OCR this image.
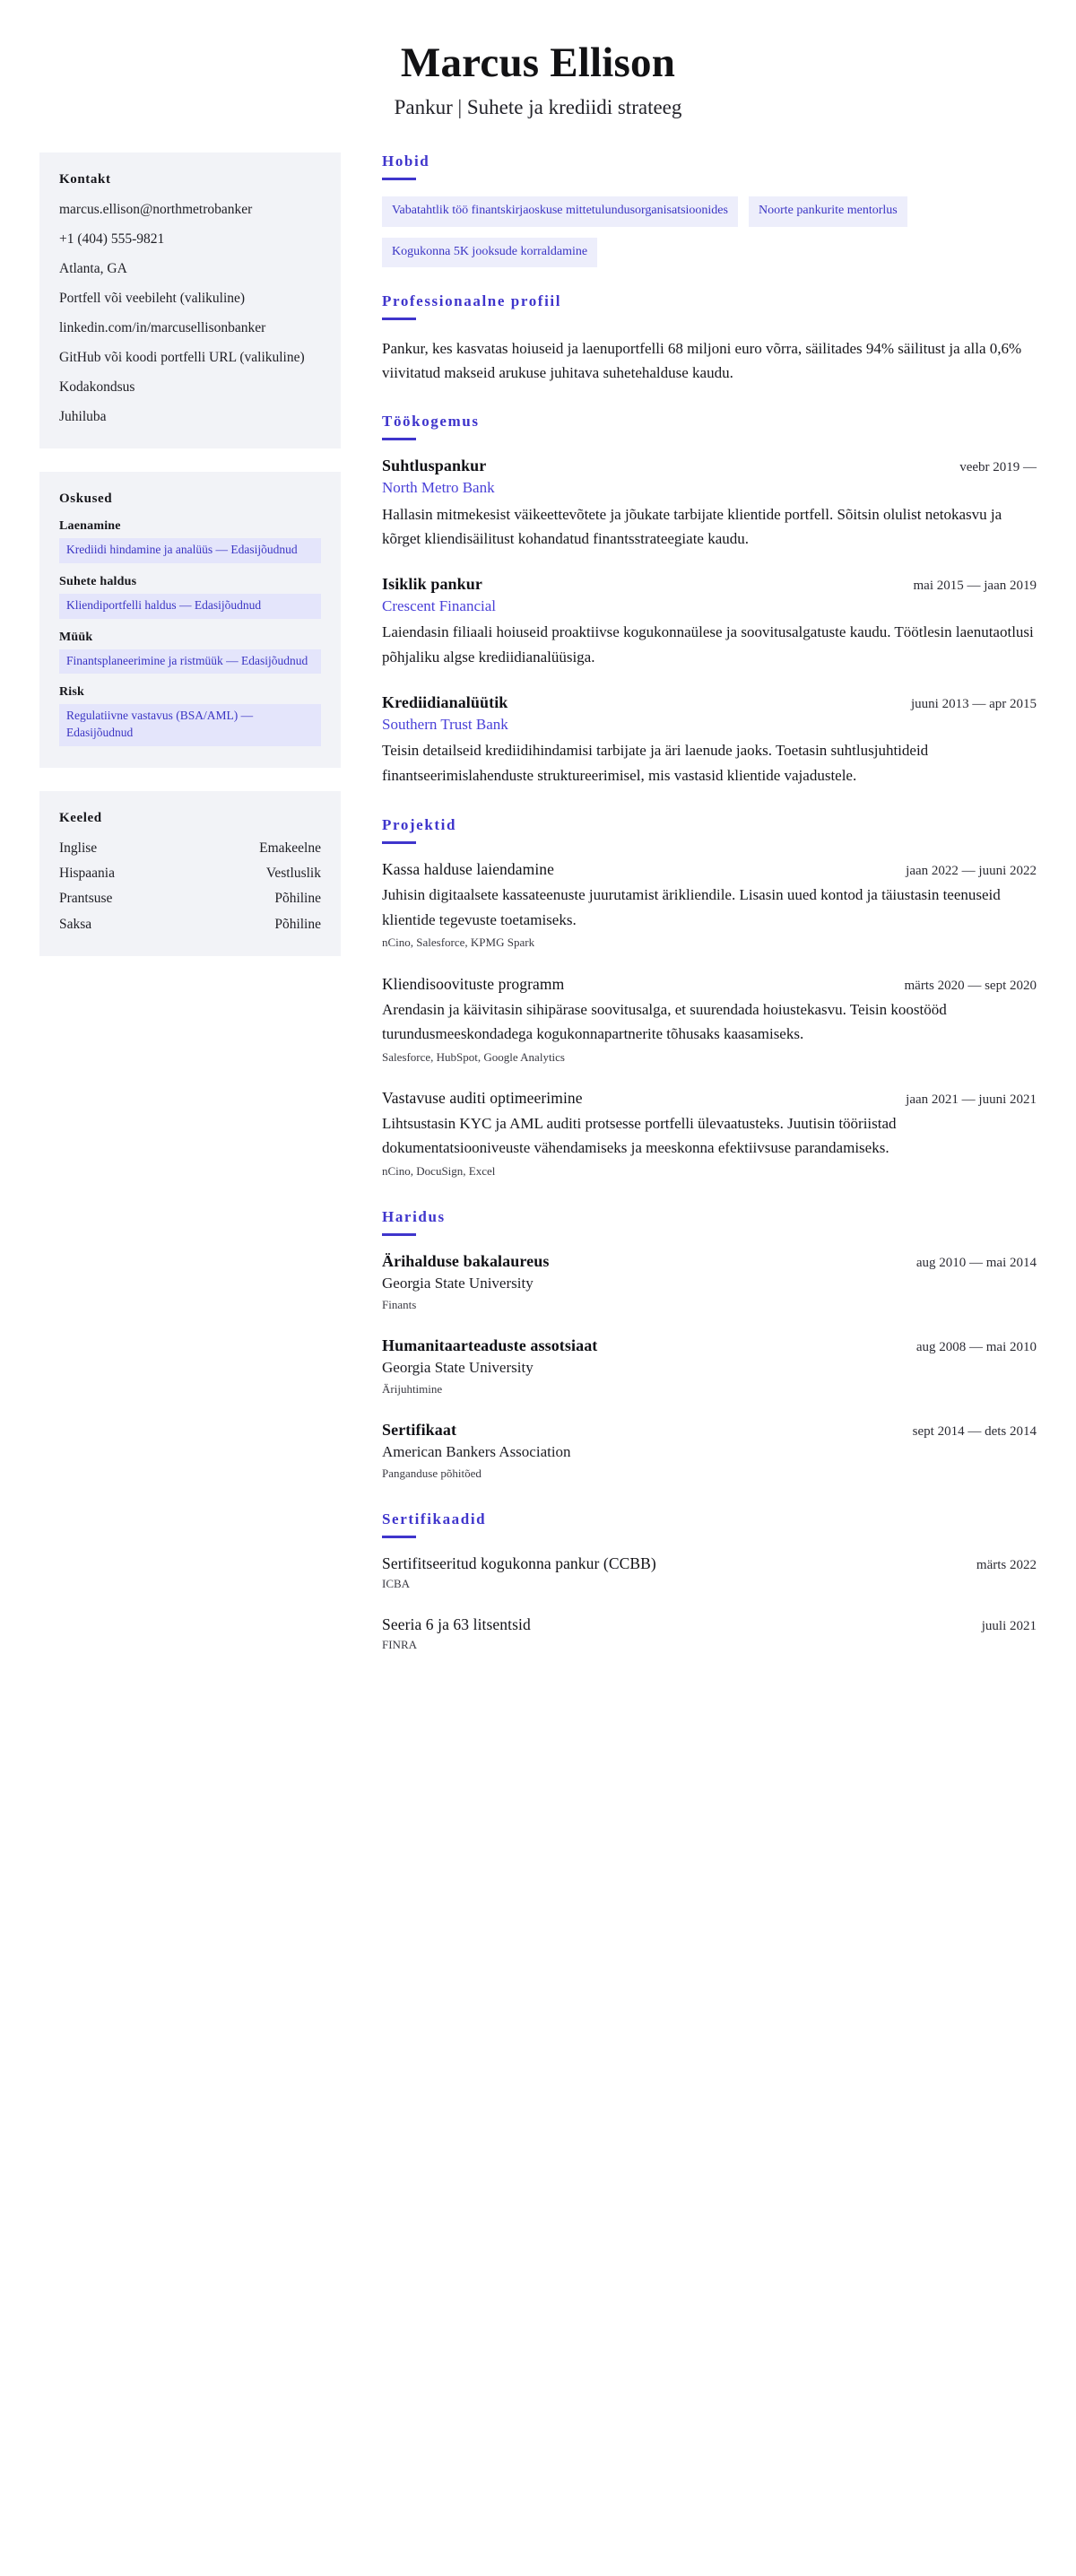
Marcus Ellison
Pankur | Suhete ja krediidi strateeg
Kontakt
marcus.ellison@northmetrobanker
+1 (404) 555-9821
Atlanta, GA
Portfell või veebileht (valikuline)
linkedin.com/in/marcusellisonbanker
GitHub või koodi portfelli URL (valikuline)
Kodakondsus
Juhiluba
Oskused
Laenamine
Krediidi hindamine ja analüüs — Edasijõudnud
Suhete haldus
Kliendiportfelli haldus — Edasijõudnud
Müük
Finantsplaneerimine ja ristmüük — Edasijõudnud
Risk
Regulatiivne vastavus (BSA/AML) — Edasijõudnud
Keeled
Inglise	Emakeelne
Hispaania	Vestluslik
Prantsuse	Põhiline
Saksa	Põhiline
Hobid
Vabatahtlik töö finantskirjaoskuse mittetulundusorganisatsioonides	Noorte pankurite mentorlus
Kogukonna 5K jooksude korraldamine
Professionaalne profiil
Pankur, kes kasvatas hoiuseid ja laenuportfelli 68 miljoni euro võrra, säilitades 94% säilitust ja alla 0,6% viivitatud makseid arukuse juhitava suhetehalduse kaudu.
Töökogemus
Suhtluspankur	veebr 2019 —
North Metro Bank
Hallasin mitmekesist väikeettevõtete ja jõukate tarbijate klientide portfell. Sõitsin olulist netokasvu ja kõrget kliendisäilitust kohandatud finantsstrateegiate kaudu.
Isiklik pankur	mai 2015 — jaan 2019
Crescent Financial
Laiendasin filiaali hoiuseid proaktiivse kogukonnaülese ja soovitusalgatuste kaudu. Töötlesin laenutaotlusi põhjaliku algse krediidianalüüsiga.
Krediidianalüütik	juuni 2013 — apr 2015
Southern Trust Bank
Teisin detailseid krediidihindamisi tarbijate ja äri laenude jaoks. Toetasin suhtlusjuhtideid finantseerimislahenduste struktureerimisel, mis vastasid klientide vajadustele.
Projektid
Kassa halduse laiendamine	jaan 2022 — juuni 2022
Juhisin digitaalsete kassateenuste juurutamist ärikliendile. Lisasin uued kontod ja täiustasin teenuseid klientide tegevuste toetamiseks.
nCino, Salesforce, KPMG Spark
Kliendisoovituste programm	märts 2020 — sept 2020
Arendasin ja käivitasin sihipärase soovitusalga, et suurendada hoiustekasvu. Teisin koostööd turundusmeeskondadega kogukonnapartnerite tõhusaks kaasamiseks.
Salesforce, HubSpot, Google Analytics
Vastavuse auditi optimeerimine	jaan 2021 — juuni 2021
Lihtsustasin KYC ja AML auditi protsesse portfelli ülevaatusteks. Juutisin tööriistad dokumentatsiooniveuste vähendamiseks ja meeskonna efektiivsuse parandamiseks.
nCino, DocuSign, Excel
Haridus
Ärihalduse bakalaureus	aug 2010 — mai 2014
Georgia State University
Finants
Humanitaarteaduste assotsiaat	aug 2008 — mai 2010
Georgia State University
Ärijuhtimine
Sertifikaat	sept 2014 — dets 2014
American Bankers Association
Panganduse põhitõed
Sertifikaadid
Sertifitseeritud kogukonna pankur (CCBB)	märts 2022
ICBA
Seeria 6 ja 63 litsentsid	juuli 2021
FINRA
